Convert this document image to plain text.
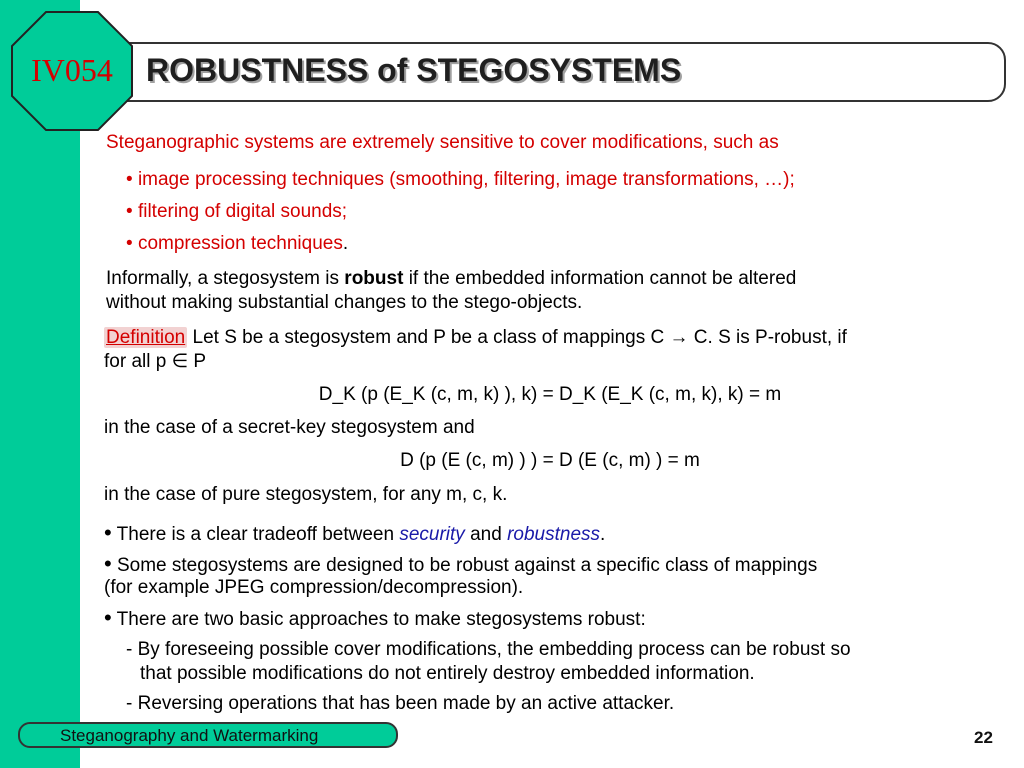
IV054	ROBUSTNESS of STEGOSYSTEMS
Steganographic systems are extremely sensitive to cover modifications, such as
• image processing techniques (smoothing, filtering, image transformations, …);
• filtering of digital sounds;
• compression techniques.
Informally, a stegosystem is robust if the embedded information cannot be altered
without making substantial changes to the stego-objects.
Definition Let S be a stegosystem and P be a class of mappings C → C. S is P-robust, if
for all p ∈ P
D_K (p (E_K (c, m, k) ), k) = D_K (E_K (c, m, k), k) = m
in the case of a secret-key stegosystem and
D (p (E (c, m) ) ) = D (E (c, m) ) = m
in the case of pure stegosystem, for any m, c, k.
• There is a clear tradeoff between security and robustness.
• Some stegosystems are designed to be robust against a specific class of mappings
(for example JPEG compression/decompression).
• There are two basic approaches to make stegosystems robust:
- By foreseeing possible cover modifications, the embedding process can be robust so
that possible modifications do not entirely destroy embedded information.
- Reversing operations that has been made by an active attacker.
Steganography and Watermarking	22
